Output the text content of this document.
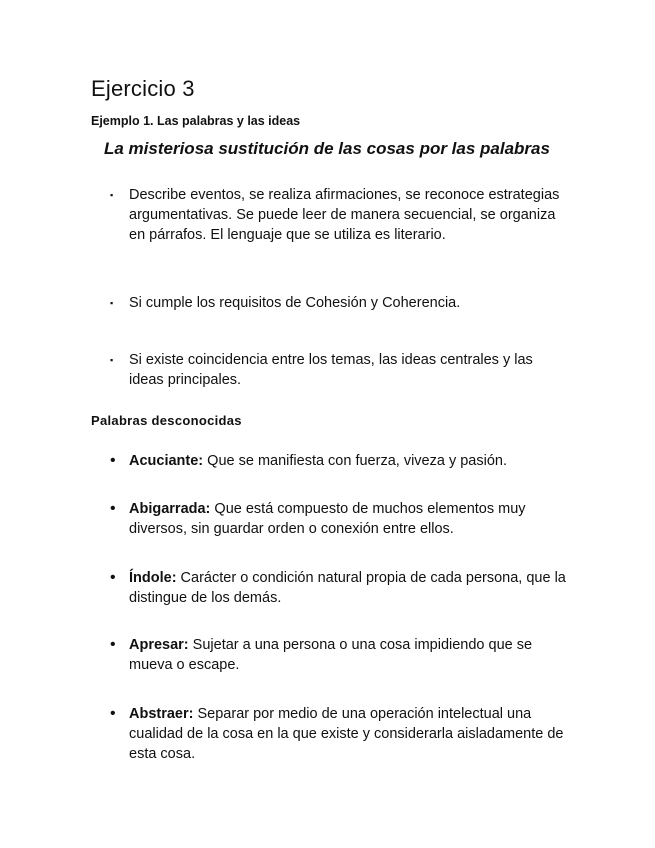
Ejercicio 3
Ejemplo 1. Las palabras y las ideas
La misteriosa sustitución de las cosas por las palabras
▪	Describe eventos, se realiza afirmaciones, se reconoce estrategias argumentativas. Se puede leer de manera secuencial, se organiza en párrafos. El lenguaje que se utiliza es literario.
▪	Si cumple los requisitos de Cohesión y Coherencia.
▪	Si existe coincidencia entre los temas, las ideas centrales y las ideas principales.
Palabras desconocidas
• Acuciante: Que se manifiesta con fuerza, viveza y pasión.
• Abigarrada: Que está compuesto de muchos elementos muy diversos, sin guardar orden o conexión entre ellos.
• Índole: Carácter o condición natural propia de cada persona, que la distingue de los demás.
• Apresar: Sujetar a una persona o una cosa impidiendo que se mueva o escape.
• Abstraer: Separar por medio de una operación intelectual una cualidad de la cosa en la que existe y considerarla aisladamente de esta cosa.
